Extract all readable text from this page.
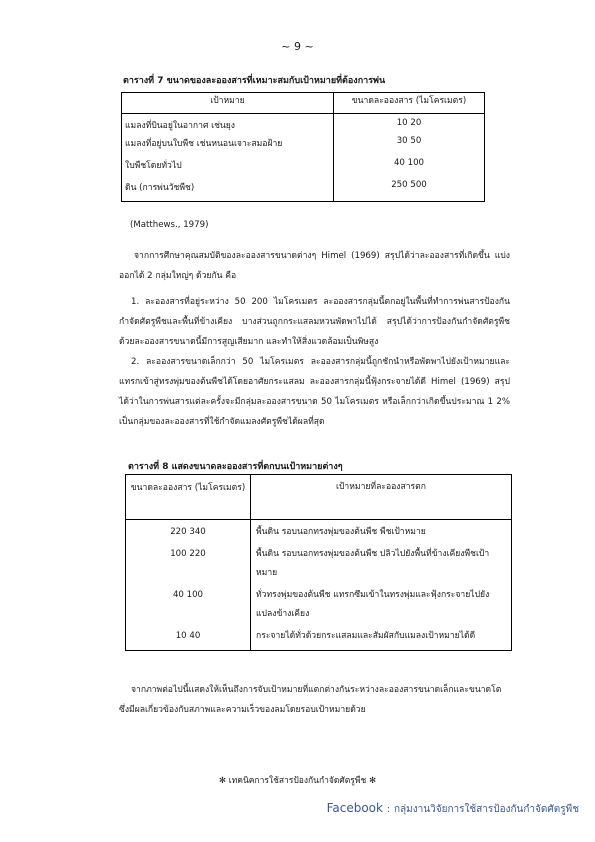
~ 9 ~
ตารางที่ 7 ขนาดของละอองสารที่เหมาะสมกับเป้าหมายที่ต้องการพ่น
เป้าหมาย	ขนาดละอองสาร (ไมโครเมตร)
แมลงที่บินอยู่ในอากาศ เช่นยุง	10 20
แมลงที่อยู่บนใบพืช เช่นหนอนเจาะสมอฝ้าย	30 50
ใบพืชโดยทั่วไป	40 100
ดิน (การพ่นวัชพืช)	250 500
(Matthews., 1979)
จากการศึกษาคุณสมบัติของละอองสารขนาดต่างๆ Himel (1969) สรุปได้ว่าละอองสารที่เกิดขึ้น แบ่งออกได้ 2 กลุ่มใหญ่ๆ ด้วยกัน คือ
1. ละอองสารที่อยู่ระหว่าง 50 200 ไมโครเมตร ละอองสารกลุ่มนี้ตกอยู่ในพื้นที่ทำการพ่นสารป้องกันกำจัดศัตรูพืชและพื้นที่ข้างเคียง บางส่วนถูกกระแสลมหวนพัดพาไปได้ สรุปได้ว่าการป้องกันกำจัดศัตรูพืชด้วยละอองสารขนาดนี้มีการสูญเสียมาก และทำให้สิ่งแวดล้อมเป็นพิษสูง
2. ละอองสารขนาดเล็กกว่า 50 ไมโครเมตร ละอองสารกลุ่มนี้ถูกชักนำหรือพัดพาไปยังเป้าหมายและแทรกเข้าสู่ทรงพุ่มของต้นพืชได้โดยอาศัยกระแสลม ละอองสารกลุ่มนี้ฟุ้งกระจายได้ดี Himel (1969) สรุปได้ว่าในการพ่นสารแต่ละครั้งจะมีกลุ่มละอองสารขนาด 50 ไมโครเมตร หรือเล็กกว่าเกิดขึ้นประมาณ 1 2% เป็นกลุ่มของละอองสารที่ใช้กำจัดแมลงศัตรูพืชได้ผลที่สุด
ตารางที่ 8 แสดงขนาดละอองสารที่ตกบนเป้าหมายต่างๆ
ขนาดละอองสาร (ไมโครเมตร)	เป้าหมายที่ละอองสารตก
220 340	พื้นดิน รอบนอกทรงพุ่มของต้นพืช พืชเป้าหมาย
100 220	พื้นดิน รอบนอกทรงพุ่มของต้นพืช ปลิวไปยังพื้นที่ข้างเคียงพืชเป้าหมาย
40 100	ทั่วทรงพุ่มของต้นพืช แทรกซึมเข้าในทรงพุ่มและฟุ้งกระจายไปยังแปลงข้างเคียง
10 40	กระจายได้ทั่วด้วยกระแสลมและสัมผัสกับแมลงเป้าหมายได้ดี
จากภาพต่อไปนี้แสดงให้เห็นถึงการจับเป้าหมายที่แตกต่างกันระหว่างละอองสารขนาดเล็กและขนาดโต ซึ่งมีผลเกี่ยวข้องกับสภาพและความเร็วของลมโดยรอบเป้าหมายด้วย
✻ เทคนิคการใช้สารป้องกันกำจัดศัตรูพืช ✻
Facebook : กลุ่มงานวิจัยการใช้สารป้องกันกำจัดศัตรูพืช
